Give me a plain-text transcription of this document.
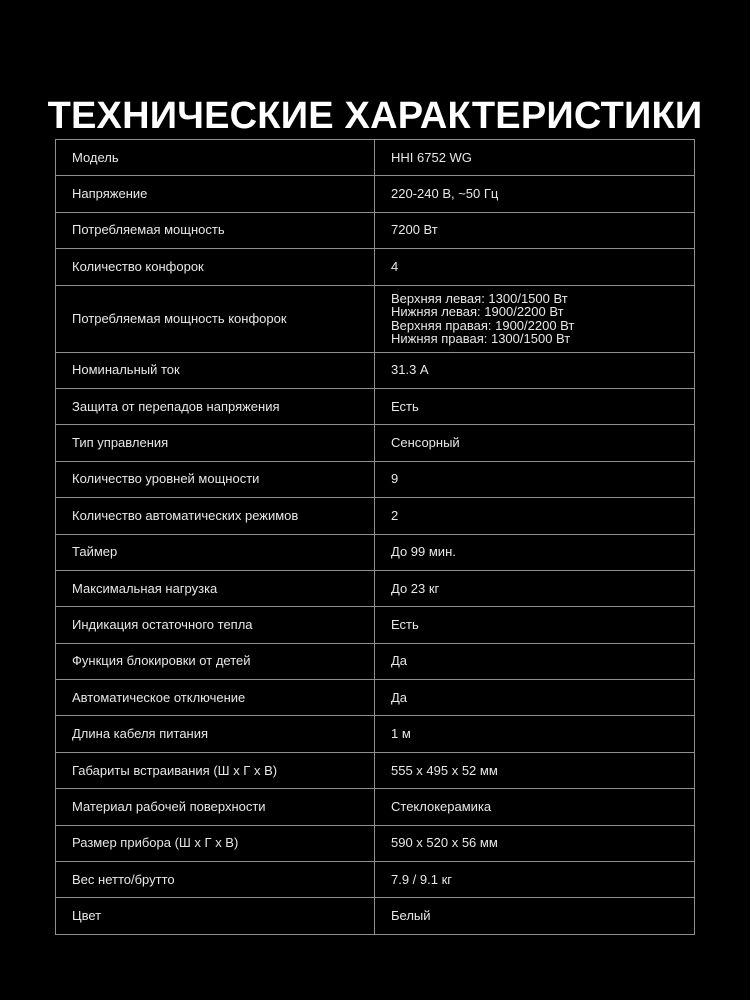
ТЕХНИЧЕСКИЕ ХАРАКТЕРИСТИКИ
Модель	HHI 6752 WG
Напряжение	220-240 В, ~50 Гц
Потребляемая мощность	7200 Вт
Количество конфорок	4
Потребляемая мощность конфорок	Верхняя левая: 1300/1500 Вт
Нижняя левая: 1900/2200 Вт
Верхняя правая: 1900/2200 Вт
Нижняя правая: 1300/1500 Вт

Номинальный ток	31.3 А
Защита от перепадов напряжения	Есть
Тип управления	Сенсорный
Количество уровней мощности	9
Количество автоматических режимов	2
Таймер	До 99 мин.
Максимальная нагрузка	До 23 кг
Индикация остаточного тепла	Есть
Функция блокировки от детей	Да
Автоматическое отключение	Да
Длина кабеля питания	1 м
Габариты встраивания (Ш х Г х В)	555 х 495 х 52 мм
Материал рабочей поверхности	Стеклокерамика
Размер прибора (Ш х Г х В)	590 х 520 х 56 мм
Вес нетто/брутто	7.9 / 9.1 кг
Цвет	Белый
